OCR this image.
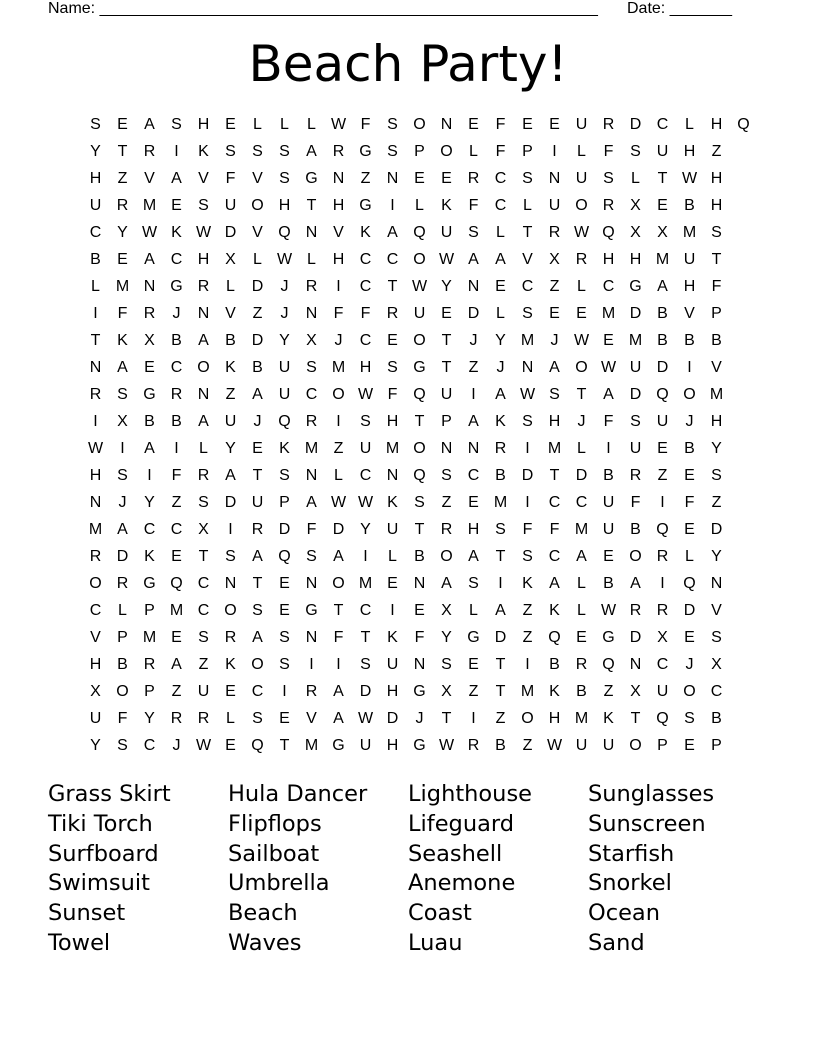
Name: ________________________________________________________ Date: _______
Beach Party!
S	E	A	S H E	L	L	L W F	S O N E	F	E	E U R D C	L	H Q
Y	T	R	I	K	S	S	S	A R G S	P O	L	F	P	I	L	F	S U H	Z
H	Z	V	A	V	F	V	S G N	Z	N E	E R C S N U S	L	T W H
U R M E	S U O H	T	H G	I	L	K	F	C	L	U O R X	E	B H
C Y W K W D V Q N V	K	A Q U S	L	T	R W Q X	X M S
B	E	A C H X	L W L	H C C O W A	A	V	X R H H M U	T
L M N G R	L	D	J	R	I	C	T W Y N E C	Z	L	C G A H	F
I	F	R	J	N V	Z	J	N	F	F	R U E D	L	S	E	E M D B	V	P
T	K	X	B	A	B D Y	X	J	C E O T	J	Y M	J W E M B	B	B
N A	E C O K	B U S M H S G T	Z	J	N A O W U D	I	V
R S G R N	Z	A U C O W F Q U	I	A W S	T	A D Q O M
I	X	B	B	A U	J	Q R	I	S H	T	P	A	K	S H	J	F	S U	J	H
W	I	A	I	L	Y	E	K M Z	U M O N N R	I	M L	I	U E	B	Y
H S	I	F	R A	T	S N	L	C N Q S C B D	T	D B R	Z	E	S
N	J	Y	Z	S D U P	A W W K	S	Z	E M	I	C C U	F	I	F	Z
M A C C X	I	R D	F	D Y U	T	R H S	F	F M U B Q E D
R D K	E	T	S	A Q S	A	I	L	B O A	T	S C A	E O R	L	Y
O R G Q C N	T	E N O M E N A	S	I	K	A	L	B	A	I	Q N
C	L	P M C O S	E G T	C	I	E	X	L	A	Z	K	L W R R D V
V	P M E	S R A	S N	F	T	K	F	Y G D	Z Q E G D X	E	S
H B R A	Z	K O S	I	I	S U N S	E	T	I	B R Q N C	J	X
X O P	Z	U E C	I	R A D H G X	Z	T M K	B	Z	X U O C
U	F	Y R R	L	S	E	V	A W D	J	T	I	Z O H M K	T Q S	B
Y	S C	J W E Q T M G U H G W R B	Z W U U O P	E	P
Grass Skirt	Hula Dancer	Lighthouse	Sunglasses
Tiki Torch	Flipflops	Lifeguard	Sunscreen
Surfboard	Sailboat	Seashell	Starfish
Swimsuit	Umbrella	Anemone	Snorkel
Sunset	Beach	Coast	Ocean
Towel	Waves	Luau	Sand
